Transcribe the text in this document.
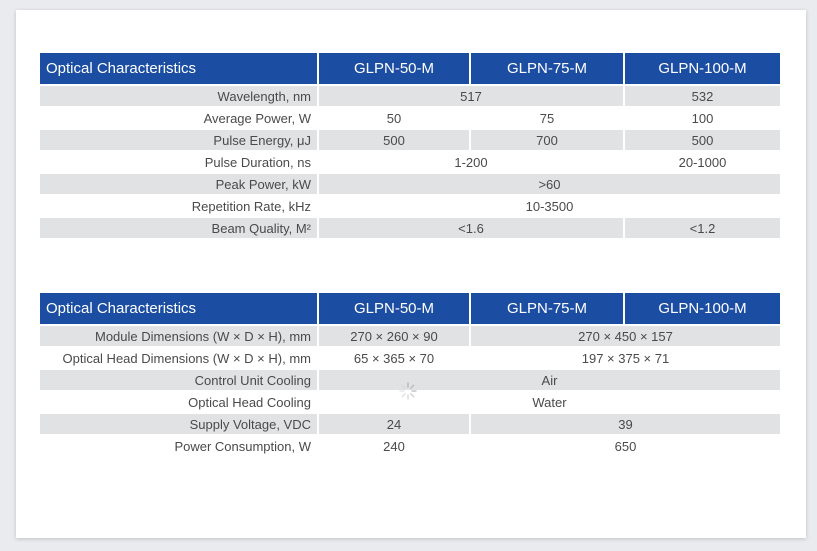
Optical Characteristics	GLPN-50-M	GLPN-75-M	GLPN-100-M
Wavelength, nm	517		532
Average Power, W	50	75	100
Pulse Energy, μJ	500	700	500
Pulse Duration, ns	1-200		20-1000
Peak Power, kW	>60		
Repetition Rate, kHz	10-3500		
Beam Quality, M²	<1.6		<1.2
Optical Characteristics	GLPN-50-M	GLPN-75-M	GLPN-100-M
Module Dimensions (W × D × H), mm	270 × 260 × 90	270 × 450 × 157	
Optical Head Dimensions (W × D × H), mm	65 × 365 × 70	197 × 375 × 71	
Control Unit Cooling	Air		
Optical Head Cooling	Water		
Supply Voltage, VDC	24	39	
Power Consumption, W	240	650	
